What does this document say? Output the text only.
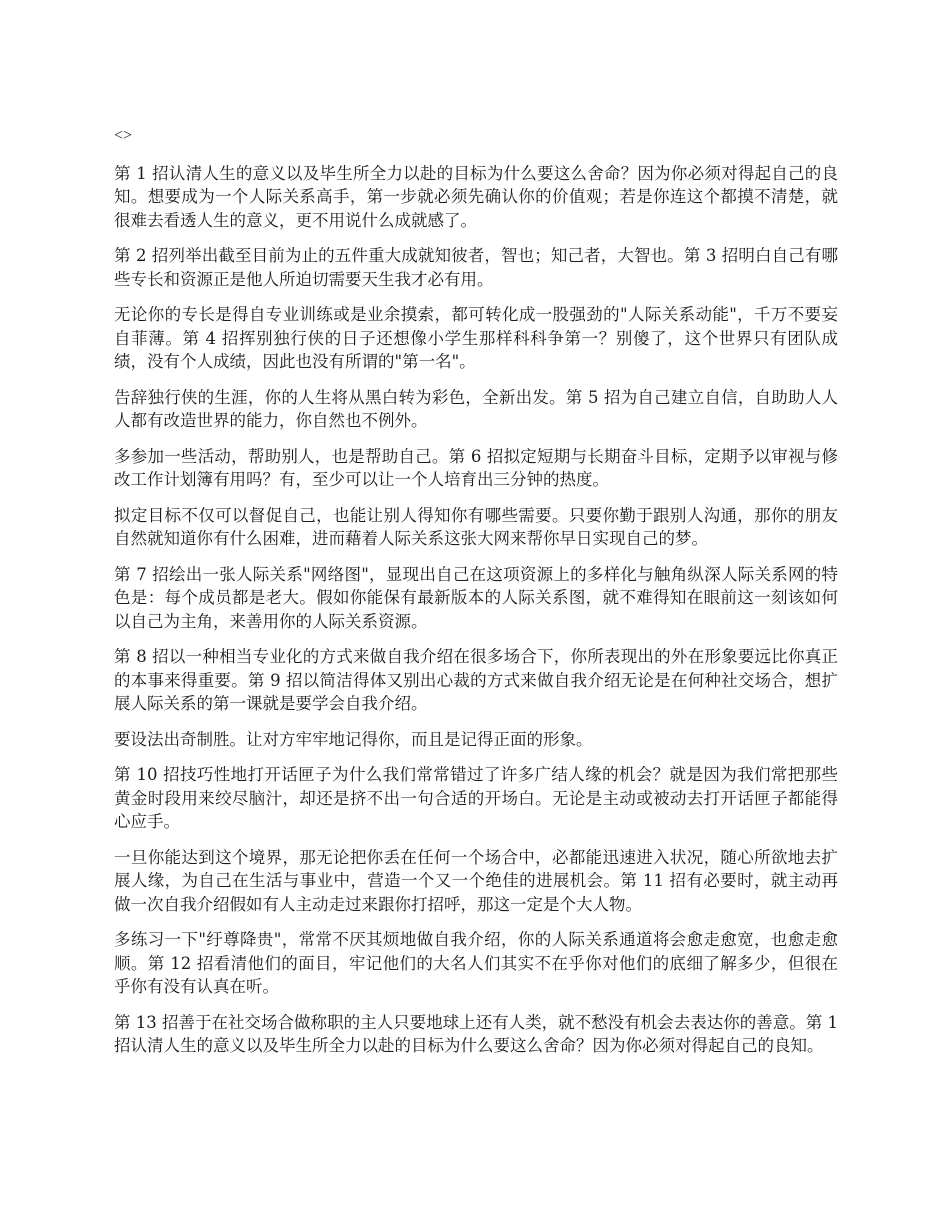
<>

第 1 招认清人生的意义以及毕生所全力以赴的目标为什么要这么舍命？因为你必须对得起自己的良知。想要成为一个人际关系高手，第一步就必须先确认你的价值观；若是你连这个都摸不清楚，就很难去看透人生的意义，更不用说什么成就感了。

第 2 招列举出截至目前为止的五件重大成就知彼者，智也；知己者，大智也。第 3 招明白自己有哪些专长和资源正是他人所迫切需要天生我才必有用。

无论你的专长是得自专业训练或是业余摸索，都可转化成一股强劲的"人际关系动能"，千万不要妄自菲薄。第 4 招挥别独行侠的日子还想像小学生那样科科争第一？别傻了，这个世界只有团队成绩，没有个人成绩，因此也没有所谓的"第一名"。

告辞独行侠的生涯，你的人生将从黑白转为彩色，全新出发。第 5 招为自己建立自信，自助助人人人都有改造世界的能力，你自然也不例外。

多参加一些活动，帮助别人，也是帮助自己。第 6 招拟定短期与长期奋斗目标，定期予以审视与修改工作计划簿有用吗？有，至少可以让一个人培育出三分钟的热度。

拟定目标不仅可以督促自己，也能让别人得知你有哪些需要。只要你勤于跟别人沟通，那你的朋友自然就知道你有什么困难，进而藉着人际关系这张大网来帮你早日实现自己的梦。

第 7 招绘出一张人际关系"网络图"，显现出自己在这项资源上的多样化与触角纵深人际关系网的特色是：每个成员都是老大。假如你能保有最新版本的人际关系图，就不难得知在眼前这一刻该如何以自己为主角，来善用你的人际关系资源。

第 8 招以一种相当专业化的方式来做自我介绍在很多场合下，你所表现出的外在形象要远比你真正的本事来得重要。第 9 招以简洁得体又别出心裁的方式来做自我介绍无论是在何种社交场合，想扩展人际关系的第一课就是要学会自我介绍。

要设法出奇制胜。让对方牢牢地记得你，而且是记得正面的形象。

第 10 招技巧性地打开话匣子为什么我们常常错过了许多广结人缘的机会？就是因为我们常把那些黄金时段用来绞尽脑汁，却还是挤不出一句合适的开场白。无论是主动或被动去打开话匣子都能得心应手。

一旦你能达到这个境界，那无论把你丢在任何一个场合中，必都能迅速进入状况，随心所欲地去扩展人缘，为自己在生活与事业中，营造一个又一个绝佳的进展机会。第 11 招有必要时，就主动再做一次自我介绍假如有人主动走过来跟你打招呼，那这一定是个大人物。

多练习一下"纡尊降贵"，常常不厌其烦地做自我介绍，你的人际关系通道将会愈走愈宽，也愈走愈顺。第 12 招看清他们的面目，牢记他们的大名人们其实不在乎你对他们的底细了解多少，但很在乎你有没有认真在听。

第 13 招善于在社交场合做称职的主人只要地球上还有人类，就不愁没有机会去表达你的善意。第 1 招认清人生的意义以及毕生所全力以赴的目标为什么要这么舍命？因为你必须对得起自己的良知。
